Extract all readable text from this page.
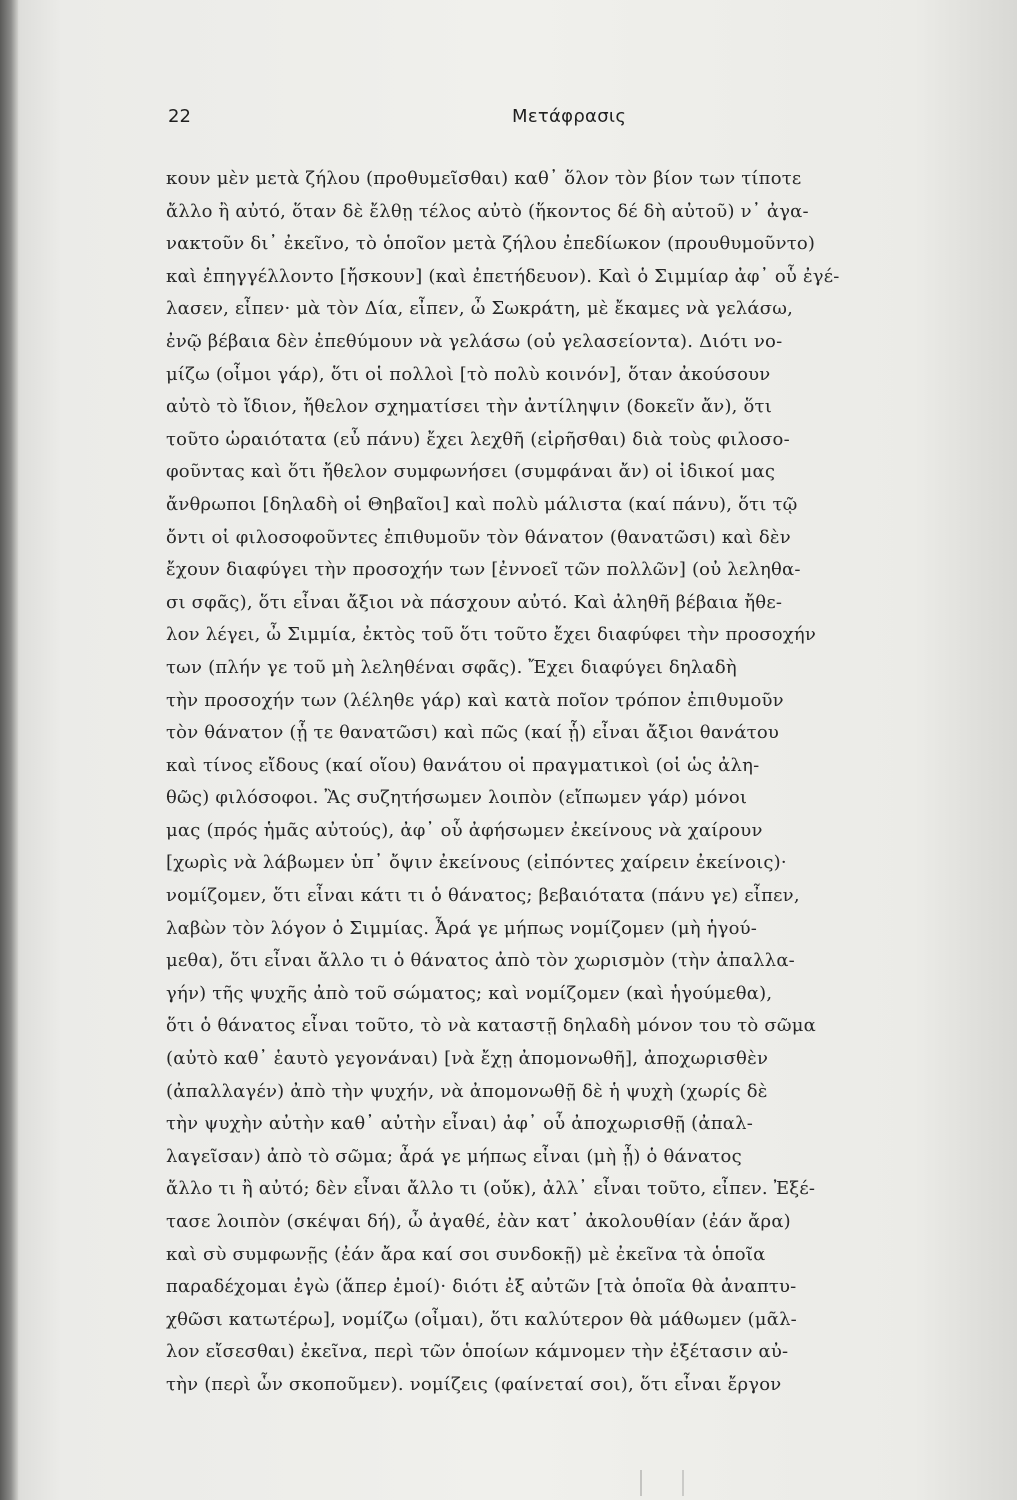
22	Μετάφρασις
κουν μὲν μετὰ ζήλου (προθυμεῖσθαι) καθ᾽ ὅλον τὸν βίον των τίποτε
ἄλλο ἢ αὐτό, ὅταν δὲ ἔλθῃ τέλος αὐτὸ (ἥκοντος δέ δὴ αὐτοῦ) ν᾽ ἀγα-
νακτοῦν δι᾽ ἐκεῖνο, τὸ ὁποῖον μετὰ ζήλου ἐπεδίωκον (προυθυμοῦντο)
καὶ ἐπηγγέλλοντο [ἤσκουν] (καὶ ἐπετήδευον). Καὶ ὁ Σιμμίαρ ἀφ᾽ οὗ ἐγέ-
λασεν, εἶπεν· μὰ τὸν Δία, εἶπεν, ὦ Σωκράτη, μὲ ἔκαμες νὰ γελάσω,
ἐνῷ βέβαια δὲν ἐπεθύμουν νὰ γελάσω (οὐ γελασείοντα). Διότι νο-
μίζω (οἶμοι γάρ), ὅτι οἱ πολλοὶ [τὸ πολὺ κοινόν], ὅταν ἀκούσουν
αὐτὸ τὸ ἴδιον, ἤθελον σχηματίσει τὴν ἀντίληψιν (δοκεῖν ἄν), ὅτι
τοῦτο ὡραιότατα (εὖ πάνυ) ἔχει λεχθῆ (εἰρῆσθαι) διὰ τοὺς φιλοσο-
φοῦντας καὶ ὅτι ἤθελον συμφωνήσει (συμφάναι ἄν) οἱ ἰδικοί μας
ἄνθρωποι [δηλαδὴ οἱ Θηβαῖοι] καὶ πολὺ μάλιστα (καί πάνυ), ὅτι τῷ
ὄντι οἱ φιλοσοφοῦντες ἐπιθυμοῦν τὸν θάνατον (θανατῶσι) καὶ δὲν
ἔχουν διαφύγει τὴν προσοχήν των [ἐννοεῖ τῶν πολλῶν] (οὐ λεληθα-
σι σφᾶς), ὅτι εἶναι ἄξιοι νὰ πάσχουν αὐτό. Καὶ ἀληθῆ βέβαια ἤθε-
λον λέγει, ὦ Σιμμία, ἐκτὸς τοῦ ὅτι τοῦτο ἔχει διαφύφει τὴν προσοχήν
των (πλήν γε τοῦ μὴ λεληθέναι σφᾶς). Ἔχει διαφύγει δηλαδὴ
τὴν προσοχήν των (λέληθε γάρ) καὶ κατὰ ποῖον τρόπον ἐπιθυμοῦν
τὸν θάνατον (ᾗ τε θανατῶσι) καὶ πῶς (καί ᾗ) εἶναι ἄξιοι θανάτου
καὶ τίνος εἴδους (καί οἵου) θανάτου οἱ πραγματικοὶ (οἱ ὡς ἀλη-
θῶς) φιλόσοφοι. Ἂς συζητήσωμεν λοιπὸν (εἴπωμεν γάρ) μόνοι
μας (πρός ἡμᾶς αὐτούς), ἀφ᾽ οὗ ἀφήσωμεν ἐκείνους νὰ χαίρουν
[χωρὶς νὰ λάβωμεν ὑπ᾽ ὄψιν ἐκείνους (εἰπόντες χαίρειν ἐκείνοις)·
νομίζομεν, ὅτι εἶναι κάτι τι ὁ θάνατος; βεβαιότατα (πάνυ γε) εἶπεν,
λαβὼν τὸν λόγον ὁ Σιμμίας. Ἆρά γε μήπως νομίζομεν (μὴ ἡγού-
μεθα), ὅτι εἶναι ἄλλο τι ὁ θάνατος ἀπὸ τὸν χωρισμὸν (τὴν ἀπαλλα-
γήν) τῆς ψυχῆς ἀπὸ τοῦ σώματος; καὶ νομίζομεν (καὶ ἡγούμεθα),
ὅτι ὁ θάνατος εἶναι τοῦτο, τὸ νὰ καταστῇ δηλαδὴ μόνον του τὸ σῶμα
(αὐτὸ καθ᾽ ἑαυτὸ γεγονάναι) [νὰ ἔχῃ ἀπομονωθῆ], ἀποχωρισθὲν
(ἀπαλλαγέν) ἀπὸ τὴν ψυχήν, νὰ ἀπομονωθῇ δὲ ἡ ψυχὴ (χωρίς δὲ
τὴν ψυχὴν αὐτὴν καθ᾽ αὐτὴν εἶναι) ἀφ᾽ οὗ ἀποχωρισθῇ (ἀπαλ-
λαγεῖσαν) ἀπὸ τὸ σῶμα; ἆρά γε μήπως εἶναι (μὴ ᾖ) ὁ θάνατος
ἄλλο τι ἢ αὐτό; δὲν εἶναι ἄλλο τι (οὔκ), ἀλλ᾽ εἶναι τοῦτο, εἶπεν. Ἐξέ-
τασε λοιπὸν (σκέψαι δή), ὦ ἀγαθέ, ἐὰν κατ᾽ ἀκολουθίαν (ἐάν ἄρα)
καὶ σὺ συμφωνῇς (ἐάν ἄρα καί σοι συνδοκῇ) μὲ ἐκεῖνα τὰ ὁποῖα
παραδέχομαι ἐγὼ (ἅπερ ἐμοί)· διότι ἐξ αὐτῶν [τὰ ὁποῖα θὰ ἀναπτυ-
χθῶσι κατωτέρω], νομίζω (οἶμαι), ὅτι καλύτερον θὰ μάθωμεν (μᾶλ-
λον εἴσεσθαι) ἐκεῖνα, περὶ τῶν ὁποίων κάμνομεν τὴν ἐξέτασιν αὐ-
τὴν (περὶ ὧν σκοποῦμεν). νομίζεις (φαίνεταί σοι), ὅτι εἶναι ἔργον
